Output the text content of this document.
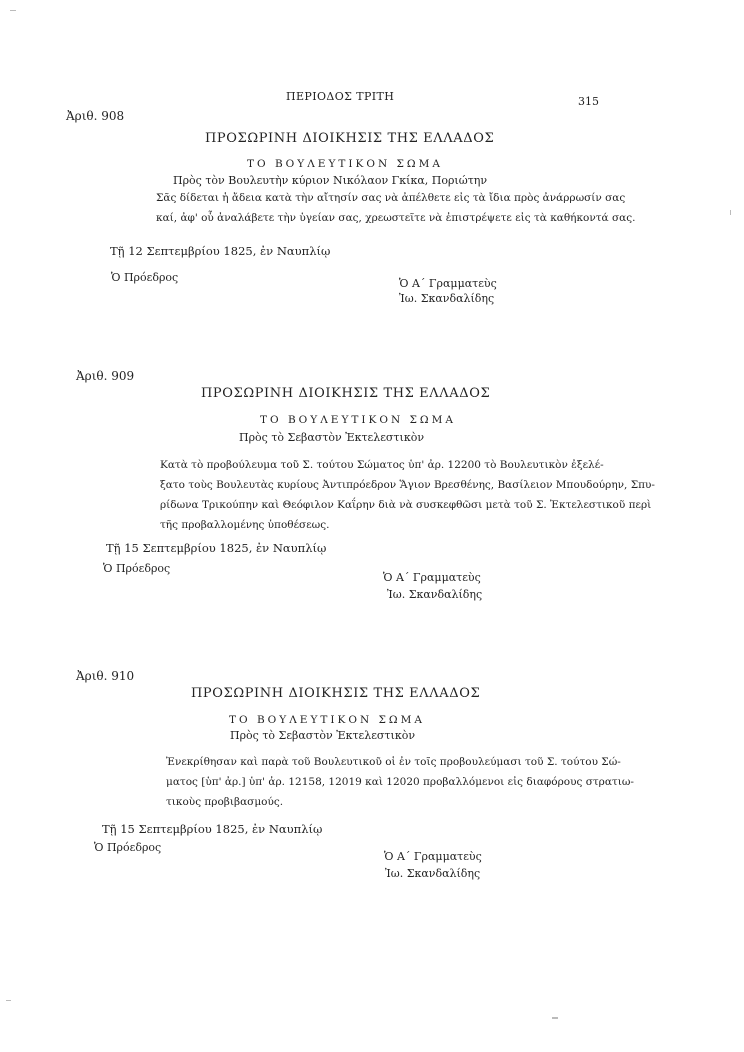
ΠΕΡΙΟΔΟΣ ΤΡΙΤΗ	315
Ἀριθ. 908
ΠΡΟΣΩΡΙΝΗ ΔΙΟΙΚΗΣΙΣ ΤΗΣ ΕΛΛΑΔΟΣ
ΤΟ ΒΟΥΛΕΥΤΙΚΟΝ ΣΩΜΑ
Πρὸς τὸν Βουλευτὴν κύριον Νικόλαον Γκίκα, Ποριώτην
Σᾶς δίδεται ἡ ἄδεια κατὰ τὴν αἴτησίν σας νὰ ἀπέλθετε εἰς τὰ ἴδια πρὸς ἀνάρρωσίν σας
καί, ἀφ' οὗ ἀναλάβετε τὴν ὑγείαν σας, χρεωστεῖτε νὰ ἐπιστρέψετε εἰς τὰ καθήκοντά σας.
Τῇ 12 Σεπτεμβρίου 1825, ἐν Ναυπλίῳ
Ὁ Πρόεδρος	Ὁ Α΄ Γραμματεὺς
Ἰω. Σκανδαλίδης
Ἀριθ. 909
ΠΡΟΣΩΡΙΝΗ ΔΙΟΙΚΗΣΙΣ ΤΗΣ ΕΛΛΑΔΟΣ
ΤΟ ΒΟΥΛΕΥΤΙΚΟΝ ΣΩΜΑ
Πρὸς τὸ Σεβαστὸν Ἐκτελεστικὸν
Κατὰ τὸ προβούλευμα τοῦ Σ. τούτου Σώματος ὑπ' ἀρ. 12200 τὸ Βουλευτικὸν ἐξελέ-
ξατο τοὺς Βουλευτὰς κυρίους Ἀντιπρόεδρον Ἅγιον Βρεσθένης, Βασίλειον Μπουδούρην, Σπυ-
ρίδωνα Τρικούπην καὶ Θεόφιλον Καΐρην διὰ νὰ συσκεφθῶσι μετὰ τοῦ Σ. Ἐκτελεστικοῦ περὶ
τῆς προβαλλομένης ὑποθέσεως.
Τῇ 15 Σεπτεμβρίου 1825, ἐν Ναυπλίῳ
Ὁ Πρόεδρος
Ὁ Α΄ Γραμματεὺς
Ἰω. Σκανδαλίδης
Ἀριθ. 910
ΠΡΟΣΩΡΙΝΗ ΔΙΟΙΚΗΣΙΣ ΤΗΣ ΕΛΛΑΔΟΣ
ΤΟ ΒΟΥΛΕΥΤΙΚΟΝ ΣΩΜΑ
Πρὸς τὸ Σεβαστὸν Ἐκτελεστικὸν
Ἐνεκρίθησαν καὶ παρὰ τοῦ Βουλευτικοῦ οἱ ἐν τοῖς προβουλεύμασι τοῦ Σ. τούτου Σώ-
ματος [ὑπ' ἀρ.] ὑπ' ἀρ. 12158, 12019 καὶ 12020 προβαλλόμενοι εἰς διαφόρους στρατιω-
τικοὺς προβιβασμούς.
Τῇ 15 Σεπτεμβρίου 1825, ἐν Ναυπλίῳ
Ὁ Πρόεδρος
Ὁ Α΄ Γραμματεὺς
Ἰω. Σκανδαλίδης
